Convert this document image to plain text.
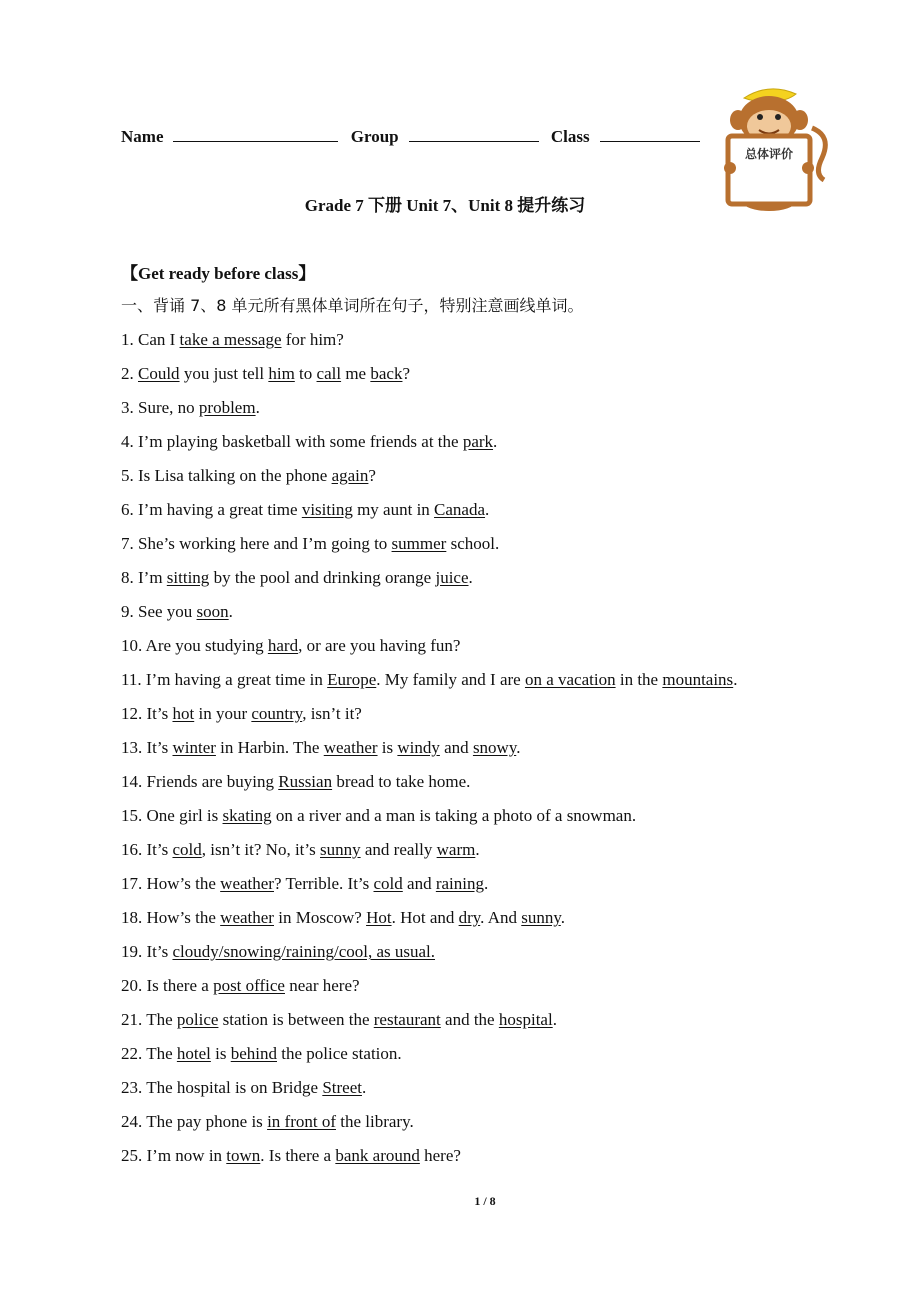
Name	Group	Class
总体评价
Grade 7 下册 Unit 7、Unit 8 提升练习
【Get ready before class】
一、背诵 7、8 单元所有黑体单词所在句子，特别注意画线单词。
1. Can I take a message for him?
2. Could you just tell him to call me back?
3. Sure, no problem.
4. I’m playing basketball with some friends at the park.
5. Is Lisa talking on the phone again?
6. I’m having a great time visiting my aunt in Canada.
7. She’s working here and I’m going to summer school.
8. I’m sitting by the pool and drinking orange juice.
9. See you soon.
10. Are you studying hard, or are you having fun?
11. I’m having a great time in Europe. My family and I are on a vacation in the mountains.
12. It’s hot in your country, isn’t it?
13. It’s winter in Harbin. The weather is windy and snowy.
14. Friends are buying Russian bread to take home.
15. One girl is skating on a river and a man is taking a photo of a snowman.
16. It’s cold, isn’t it? No, it’s sunny and really warm.
17. How’s the weather? Terrible. It’s cold and raining.
18. How’s the weather in Moscow? Hot. Hot and dry. And sunny.
19. It’s cloudy/snowing/raining/cool, as usual.
20. Is there a post office near here?
21. The police station is between the restaurant and the hospital.
22. The hotel is behind the police station.
23. The hospital is on Bridge Street.
24. The pay phone is in front of the library.
25. I’m now in town. Is there a bank around here?
1 / 8
